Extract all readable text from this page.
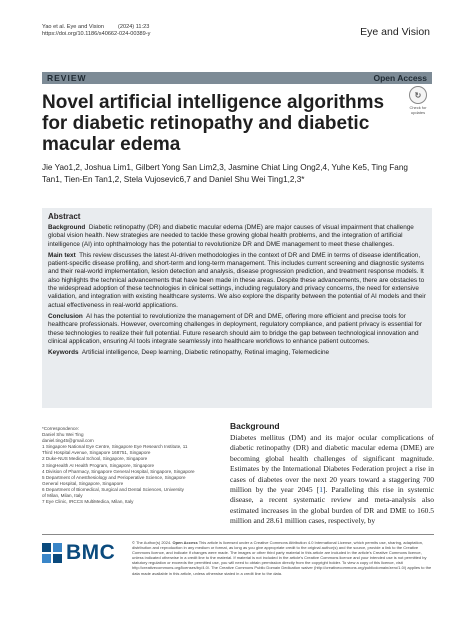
Yao et al. Eye and Vision	(2024) 11:23
https://doi.org/10.1186/s40662-024-00389-y	Eye and Vision
REVIEW	Open Access
Novel artificial intelligence algorithms for diabetic retinopathy and diabetic macular edema
↻
Check for updates
Jie Yao1,2, Joshua Lim1, Gilbert Yong San Lim2,3, Jasmine Chiat Ling Ong2,4, Yuhe Ke5, Ting Fang Tan1, Tien-En Tan1,2, Stela Vujosevic6,7 and Daniel Shu Wei Ting1,2,3*
Abstract

Background Diabetic retinopathy (DR) and diabetic macular edema (DME) are major causes of visual impairment that challenge global vision health. New strategies are needed to tackle these growing global health problems, and the integration of artificial intelligence (AI) into ophthalmology has the potential to revolutionize DR and DME management to meet these challenges.

Main text This review discusses the latest AI-driven methodologies in the context of DR and DME in terms of disease identification, patient-specific disease profiling, and short-term and long-term management. This includes current screening and diagnostic systems and their real-world implementation, lesion detection and analysis, disease progression prediction, and treatment response models. It also highlights the technical advancements that have been made in these areas. Despite these advancements, there are obstacles to the widespread adoption of these technologies in clinical settings, including regulatory and privacy concerns, the need for extensive validation, and integration with existing healthcare systems. We also explore the disparity between the potential of AI models and their actual effectiveness in real-world applications.

Conclusion AI has the potential to revolutionize the management of DR and DME, offering more efficient and precise tools for healthcare professionals. However, overcoming challenges in deployment, regulatory compliance, and patient privacy is essential for these technologies to realize their full potential. Future research should aim to bridge the gap between technological innovation and clinical application, ensuring AI tools integrate seamlessly into healthcare workflows to enhance patient outcomes.

Keywords Artificial intelligence, Deep learning, Diabetic retinopathy, Retinal imaging, Telemedicine

*Correspondence:
Daniel Shu Wei Ting
daniel.ting45@gmail.com
1 Singapore National Eye Centre, Singapore Eye Research Institute, 11
Third Hospital Avenue, Singapore 168751, Singapore
2 Duke-NUS Medical School, Singapore, Singapore
3 SingHealth AI Health Program, Singapore, Singapore
4 Division of Pharmacy, Singapore General Hospital, Singapore, Singapore
5 Department of Anesthesiology and Perioperative Science, Singapore
General Hospital, Singapore, Singapore
6 Department of Biomedical, Surgical and Dental Sciences, University
of Milan, Milan, Italy
7 Eye Clinic, IRCCS MultiMedica, Milan, Italy
Background
Diabetes mellitus (DM) and its major ocular complications of diabetic retinopathy (DR) and diabetic macular edema (DME) are becoming global health challenges of significant magnitude. Estimates by the International Diabetes Federation project a rise in cases of diabetes over the next 20 years toward a staggering 700 million by the year 2045 [1]. Paralleling this rise in systemic disease, a recent systematic review and meta-analysis also estimated increases in the global burden of DR and DME to 160.5 million and 28.61 million cases, respectively, by
BMC	© The Author(s) 2024. Open Access This article is licensed under a Creative Commons Attribution 4.0 International License, which permits use, sharing, adaptation, distribution and reproduction in any medium or format, as long as you give appropriate credit to the original author(s) and the source, provide a link to the Creative Commons licence, and indicate if changes were made. The images or other third party material in this article are included in the article's Creative Commons licence, unless indicated otherwise in a credit line to the material. If material is not included in the article's Creative Commons licence and your intended use is not permitted by statutory regulation or exceeds the permitted use, you will need to obtain permission directly from the copyright holder. To view a copy of this licence, visit http://creativecommons.org/licenses/by/4.0/. The Creative Commons Public Domain Dedication waiver (http://creativecommons.org/publicdomain/zero/1.0/) applies to the data made available in this article, unless otherwise stated in a credit line to the data.
